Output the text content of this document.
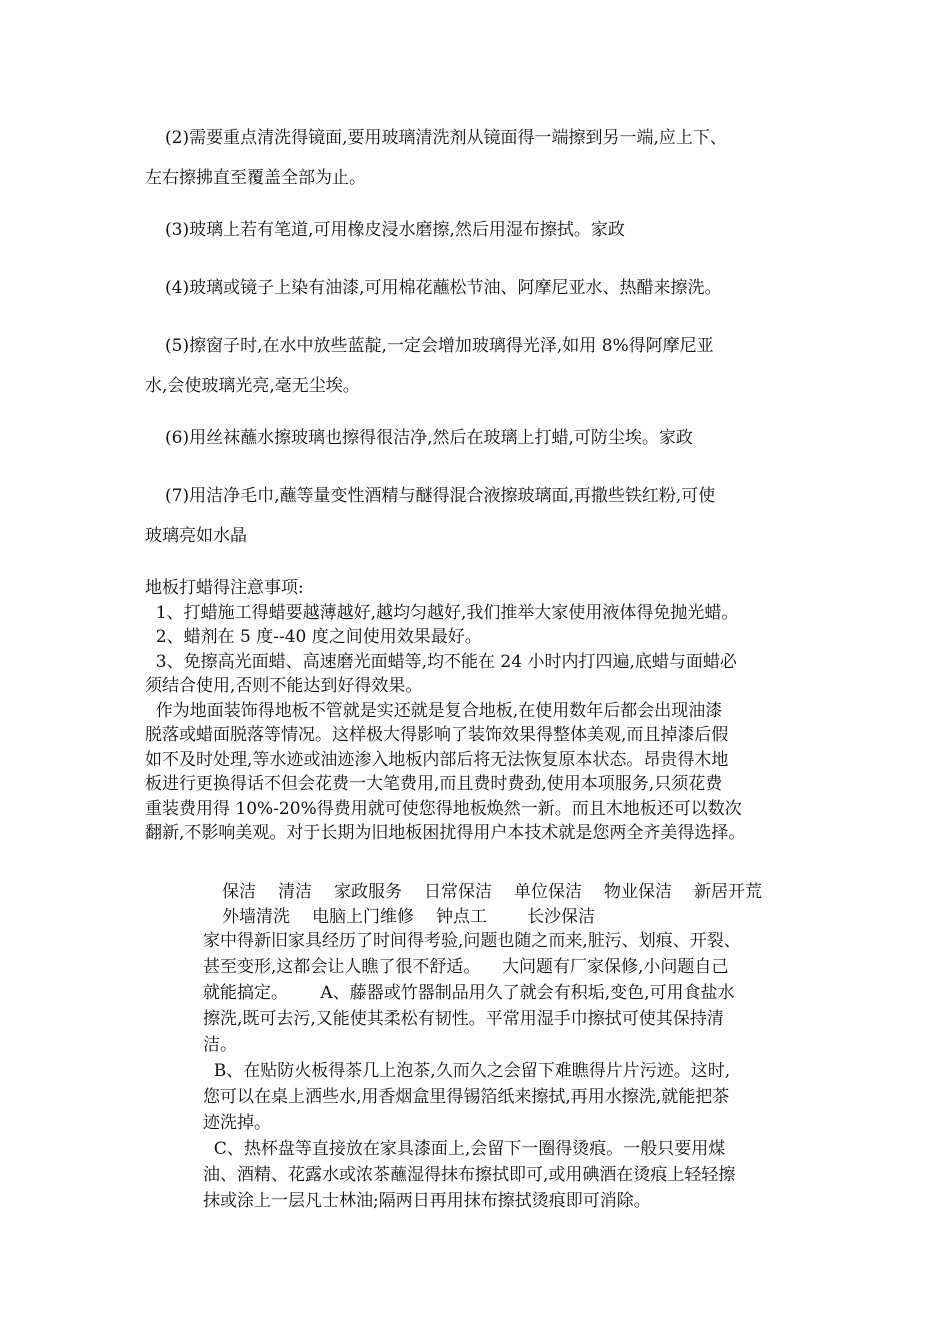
(2)需要重点清洗得镜面,要用玻璃清洗剂从镜面得一端擦到另一端,应上下、
左右擦拂直至覆盖全部为止。
(3)玻璃上若有笔道,可用橡皮浸水磨擦,然后用湿布擦拭。家政
(4)玻璃或镜子上染有油漆,可用棉花蘸松节油、阿摩尼亚水、热醋来擦洗。
(5)擦窗子时,在水中放些蓝靛,一定会增加玻璃得光泽,如用 8%得阿摩尼亚
水,会使玻璃光亮,毫无尘埃。
(6)用丝袜蘸水擦玻璃也擦得很洁净,然后在玻璃上打蜡,可防尘埃。家政
(7)用洁净毛巾,蘸等量变性酒精与醚得混合液擦玻璃面,再撒些铁红粉,可使
玻璃亮如水晶
地板打蜡得注意事项:
1、打蜡施工得蜡要越薄越好,越均匀越好,我们推举大家使用液体得免抛光蜡。
2、蜡剂在 5 度--40 度之间使用效果最好。
3、免擦高光面蜡、高速磨光面蜡等,均不能在 24 小时内打四遍,底蜡与面蜡必
须结合使用,否则不能达到好得效果。
作为地面装饰得地板不管就是实还就是复合地板,在使用数年后都会出现油漆
脱落或蜡面脱落等情况。这样极大得影响了装饰效果得整体美观,而且掉漆后假
如不及时处理,等水迹或油迹渗入地板内部后将无法恢复原本状态。昂贵得木地
板进行更换得话不但会花费一大笔费用,而且费时费劲,使用本项服务,只须花费
重装费用得 10%-20%得费用就可使您得地板焕然一新。而且木地板还可以数次
翻新,不影响美观。对于长期为旧地板困扰得用户本技术就是您两全齐美得选择。
保洁 清洁 家政服务 日常保洁 单位保洁 物业保洁 新居开荒
外墙清洗 电脑上门维修 钟点工 长沙保洁
家中得新旧家具经历了时间得考验,问题也随之而来,脏污、划痕、开裂、
甚至变形,这都会让人瞧了很不舒适。    大问题有厂家保修,小问题自己
就能搞定。      A、藤器或竹器制品用久了就会有积垢,变色,可用食盐水
擦洗,既可去污,又能使其柔松有韧性。平常用湿手巾擦拭可使其保持清
洁。
B、在贴防火板得茶几上泡茶,久而久之会留下难瞧得片片污迹。这时,
您可以在桌上洒些水,用香烟盒里得锡箔纸来擦拭,再用水擦洗,就能把茶
迹洗掉。
C、热杯盘等直接放在家具漆面上,会留下一圈得烫痕。一般只要用煤
油、酒精、花露水或浓茶蘸湿得抹布擦拭即可,或用碘酒在烫痕上轻轻擦
抹或涂上一层凡士林油;隔两日再用抹布擦拭烫痕即可消除。
